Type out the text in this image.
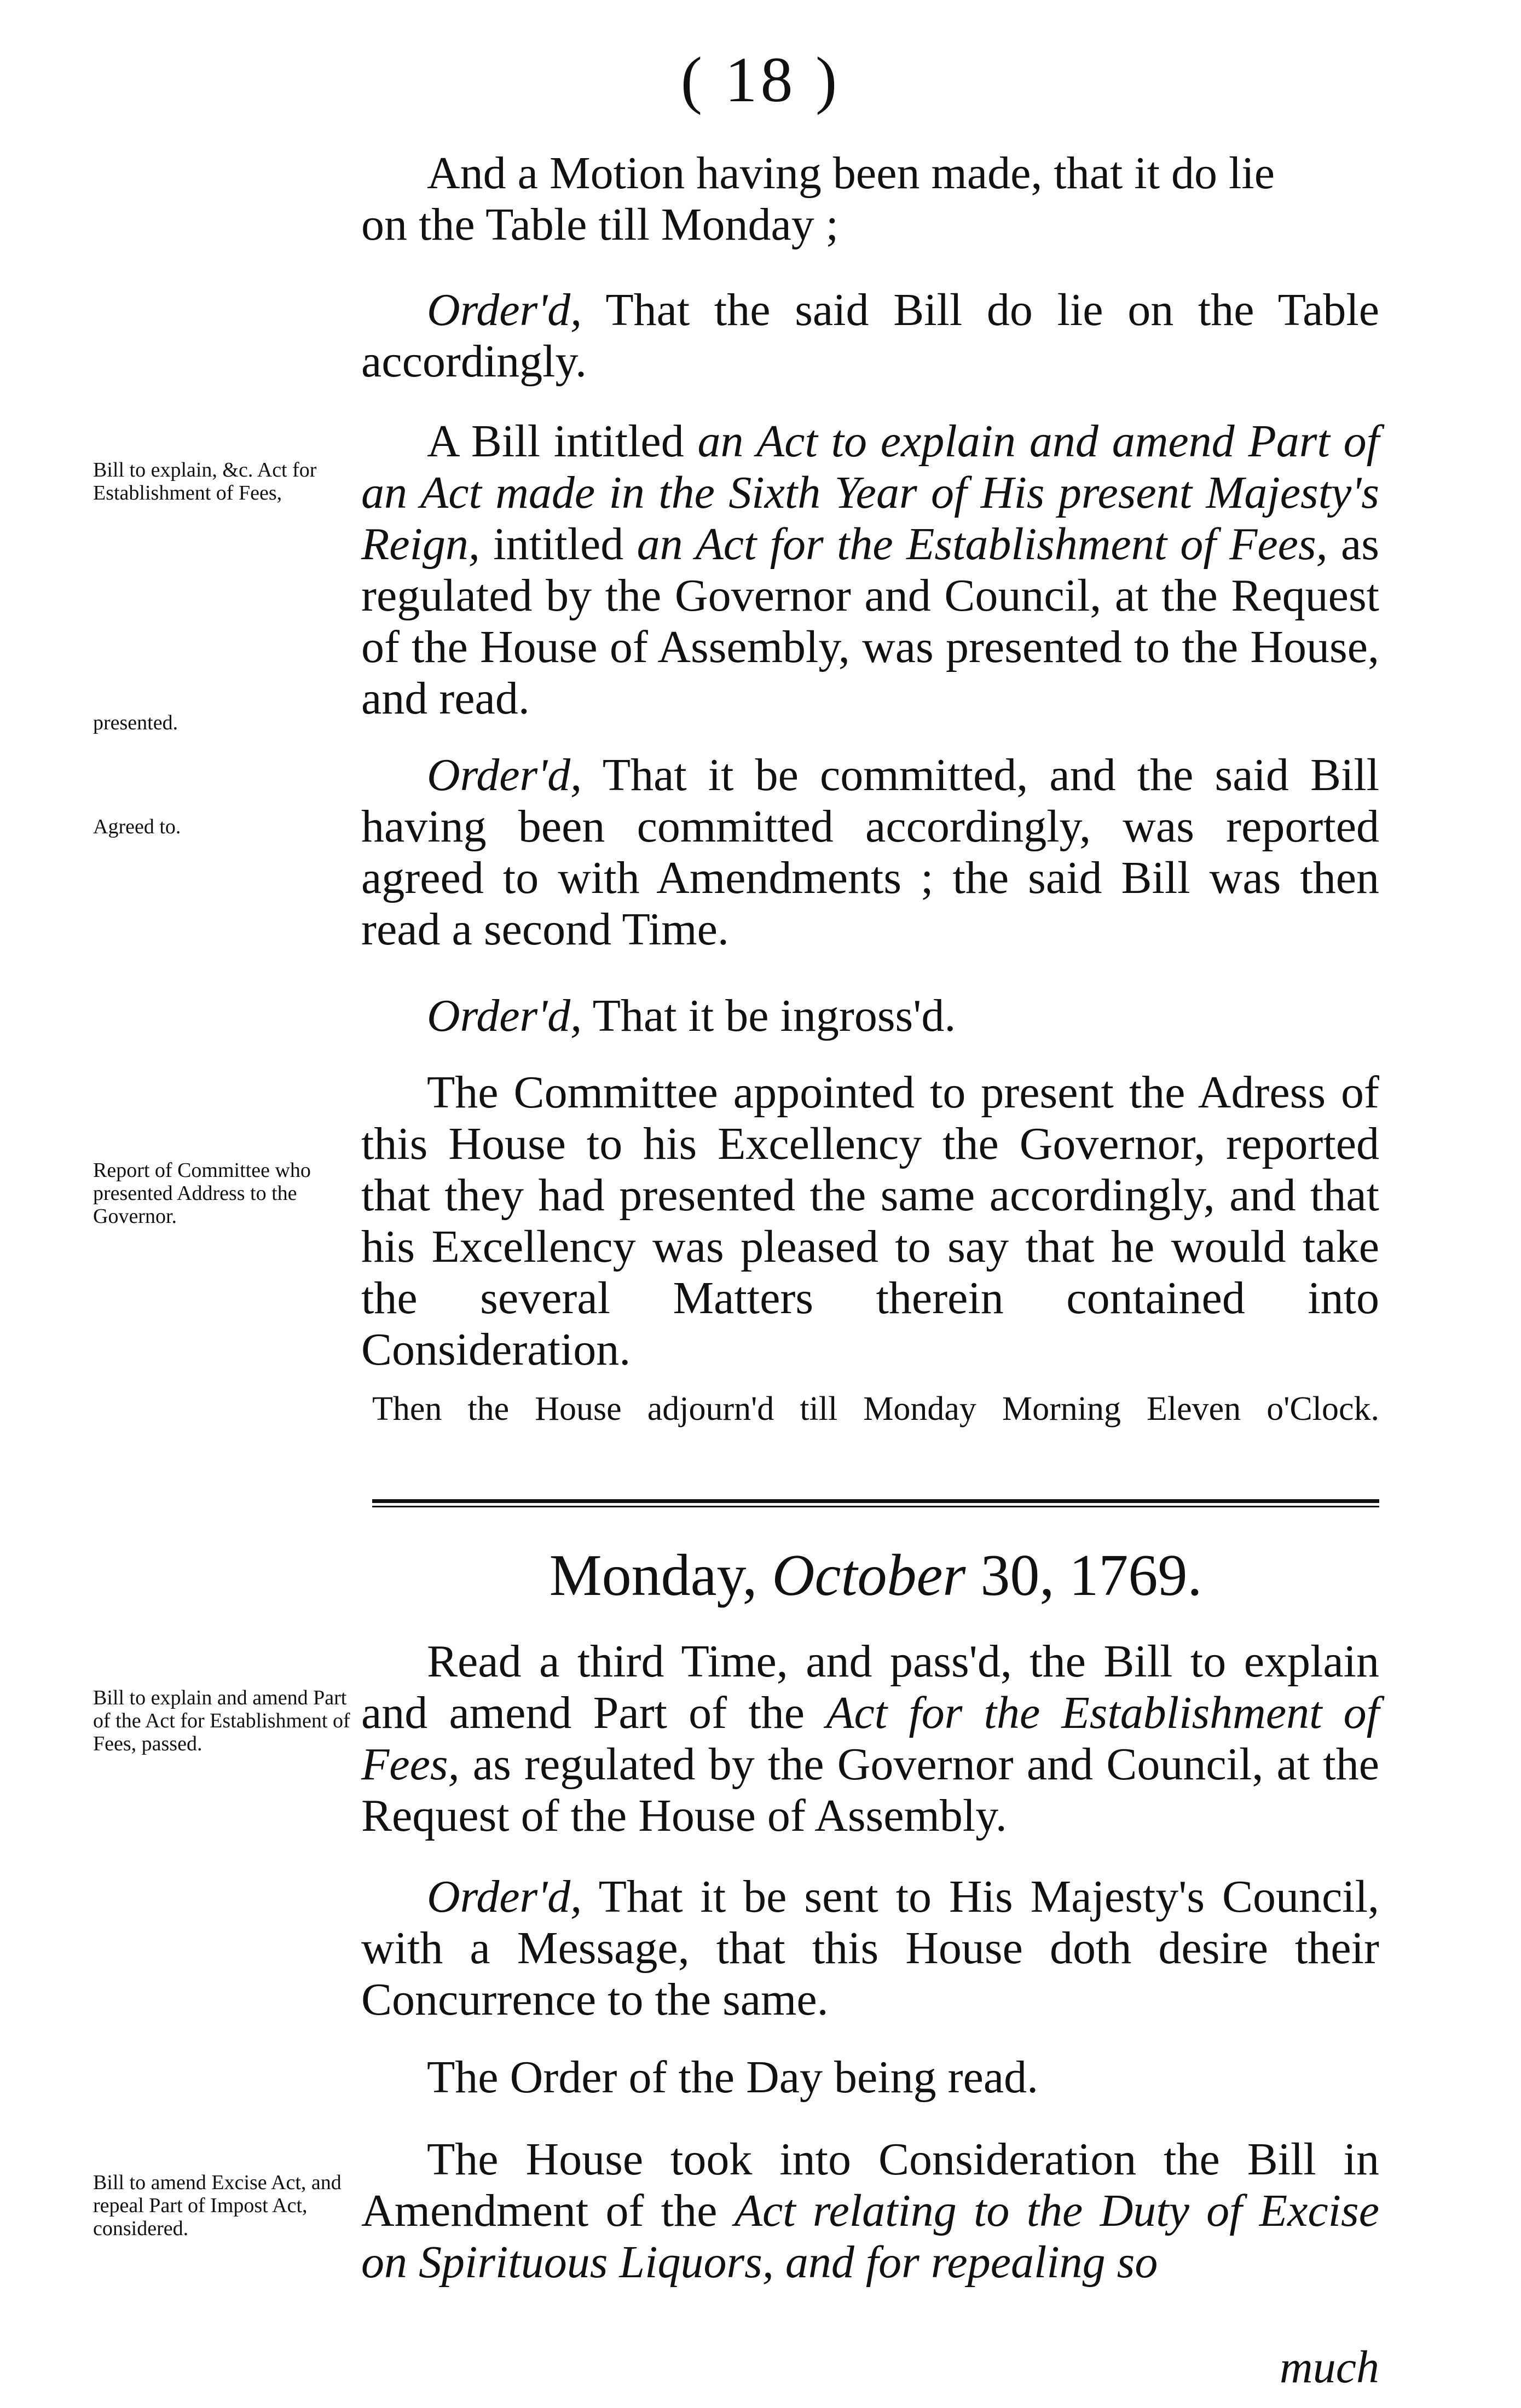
( 18 )

And a Motion having been made, that it do lie

on the Table till Monday ;

Order'd, That the said Bill do lie on the Table accordingly.

A Bill intitled an Act to explain and amend Part of an Act made in the Sixth Year of His present Majesty's Reign, intitled an Act for the Establishment of Fees, as regulated by the Governor and Council, at the Request of the House of Assembly, was presented to the House, and read.

Order'd, That it be committed, and the said Bill having been committed accordingly, was reported agreed to with Amendments ; the said Bill was then read a second Time.

Order'd, That it be ingross'd.

The Committee appointed to present the Adress of this House to his Excellency the Governor, reported that they had presented the same accordingly, and that his Excellency was pleased to say that he would take the several Matters therein contained into Consideration.

Then the House adjourn'd till Monday Morning Eleven o'Clock.
Monday, October 30, 1769.

Read a third Time, and pass'd, the Bill to explain and amend Part of the Act for the Establishment of Fees, as regulated by the Governor and Council, at the Request of the House of Assembly.

Order'd, That it be sent to His Majesty's Council, with a Message, that this House doth desire their Concurrence to the same.

The Order of the Day being read.

The House took into Consideration the Bill in Amendment of the Act relating to the Duty of Excise on Spirituous Liquors, and for repealing so

much
Bill to explain, &c. Act for Establishment of Fees,
presented.
Agreed to.
Report of Committee who presented Address to the Governor.
Bill to explain and amend Part of the Act for Establishment of Fees, passed.
Bill to amend Excise Act, and repeal Part of Impost Act, considered.
